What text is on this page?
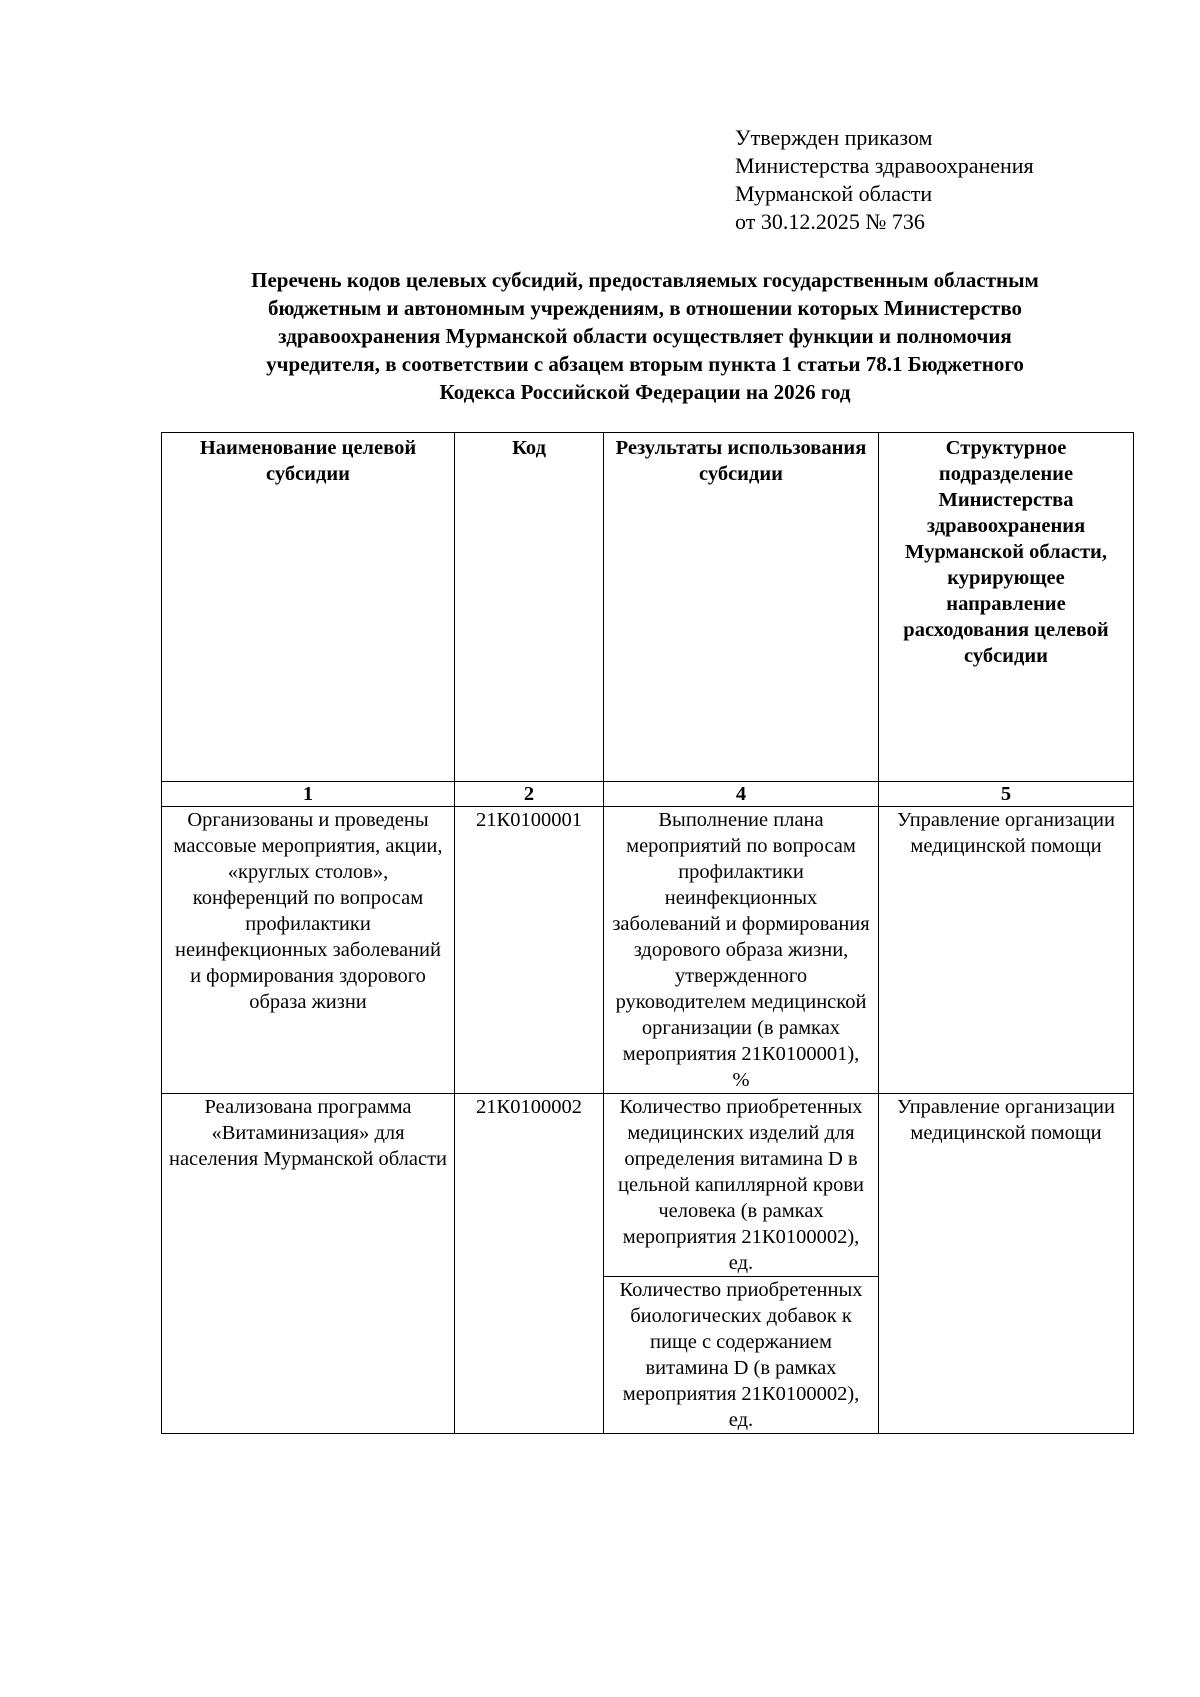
Утвержден приказом
Министерства здравоохранения
Мурманской области
от 30.12.2025 № 736
Перечень кодов целевых субсидий, предоставляемых государственным областным
бюджетным и автономным учреждениям, в отношении которых Министерство
здравоохранения Мурманской области осуществляет функции и полномочия
учредителя, в соответствии с абзацем вторым пункта 1 статьи 78.1 Бюджетного
Кодекса Российской Федерации на 2026 год
Наименование целевой субсидии	Код	Результаты использования субсидии	Структурное подразделение Министерства здравоохранения Мурманской области, курирующее направление расходования целевой субсидии
1	2	4	5
Организованы и проведены массовые мероприятия, акции, «круглых столов», конференций по вопросам профилактики неинфекционных заболеваний и формирования здорового образа жизни	21К0100001	Выполнение плана мероприятий по вопросам профилактики неинфекционных заболеваний и формирования здорового образа жизни, утвержденного руководителем медицинской организации (в рамках мероприятия 21К0100001), %	Управление организации медицинской помощи
Реализована программа «Витаминизация» для населения Мурманской области	21К0100002	Количество приобретенных медицинских изделий для определения витамина D в цельной капиллярной крови человека (в рамках мероприятия 21К0100002), ед.	Управление организации медицинской помощи
		Количество приобретенных биологических добавок к пище с содержанием витамина D (в рамках мероприятия 21К0100002), ед.	
